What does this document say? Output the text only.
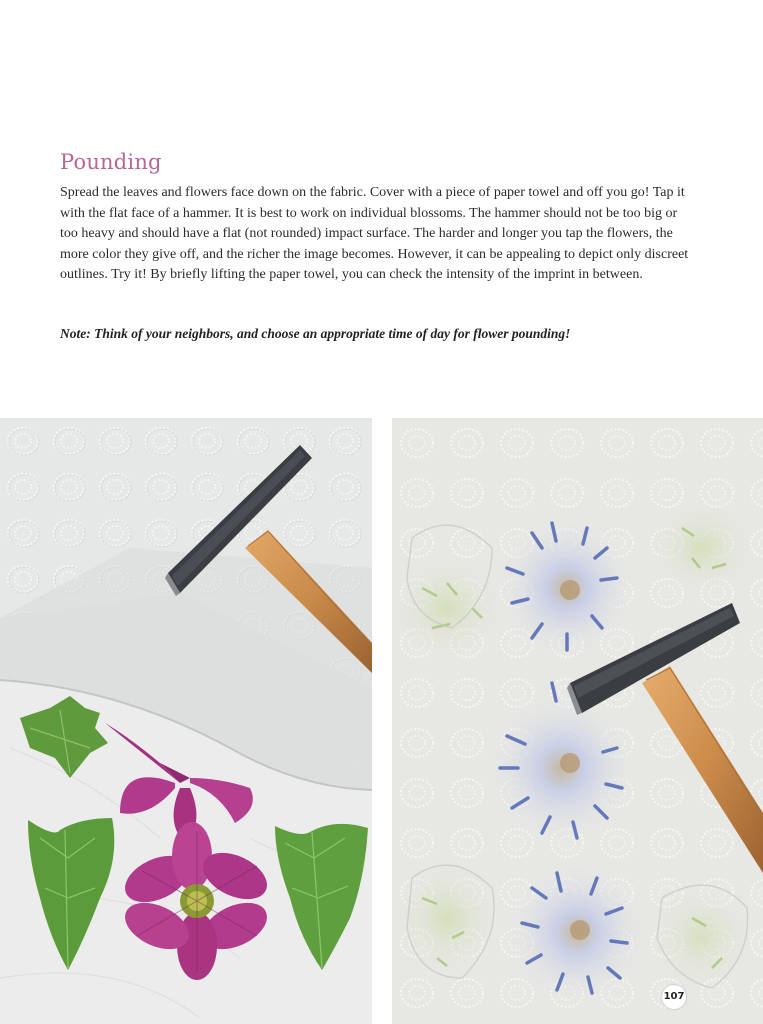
Pounding

Spread the leaves and flowers face down on the fabric. Cover with a piece of paper towel and off you go! Tap it with the flat face of a hammer. It is best to work on individual blossoms. The hammer should not be too big or too heavy and should have a flat (not rounded) impact surface. The harder and longer you tap the flowers, the more color they give off, and the richer the image becomes. However, it can be appealing to depict only discreet outlines. Try it! By briefly lifting the paper towel, you can check the intensity of the imprint in between.

Note: Think of your neighbors, and choose an appropriate time of day for flower pounding!

107
